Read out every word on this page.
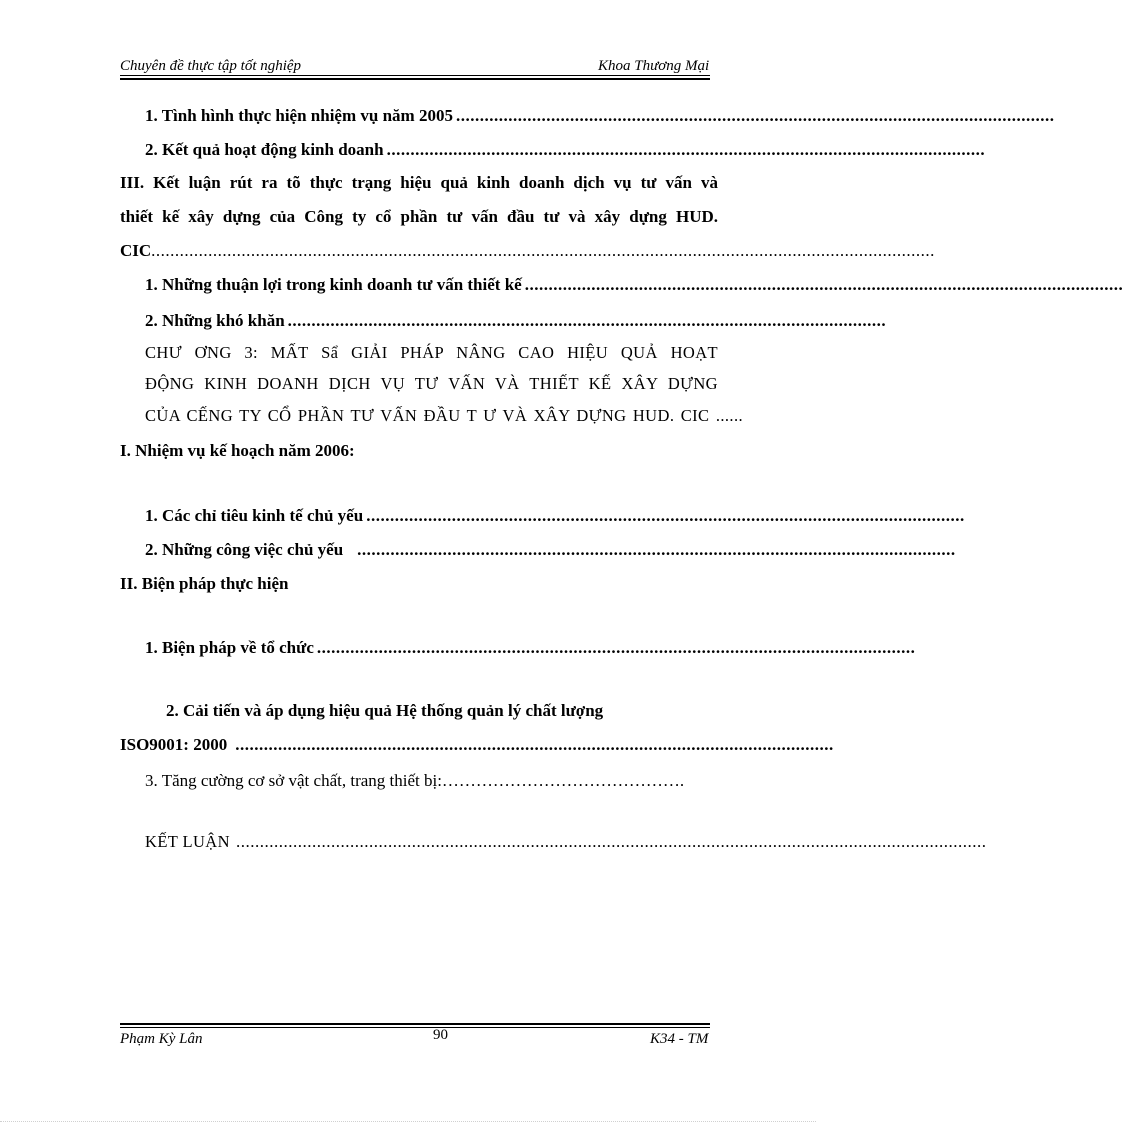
Chuyên đề thực tập tốt nghiệp	Khoa Thương Mại
1. Tình hình thực hiện nhiệm vụ năm 2005 ..............................................................................................................................
2. Kết quả hoạt động kinh doanh ..............................................................................................................................
III. Kết luận rút ra tõ thực trạng hiệu quả kinh doanh dịch vụ tư vấn và
thiết kế xây dựng của Công ty cổ phần tư vấn đầu tư và xây dựng HUD.
CIC .....................................................................................................................................................................
1. Những thuận lợi trong kinh doanh tư vấn thiết kế ..............................................................................................................................
2. Những khó khăn ..............................................................................................................................
CHƯ ƠNG 3: MẤT Sẩ GIẢI PHÁP NÂNG CAO HIỆU QUẢ HOẠT
ĐỘNG KINH DOANH DỊCH VỤ TƯ VẤN VÀ THIẾT KẾ XÂY DỰNG
CỦA CẾNG TY CỔ PHẦN TƯ VẤN ĐẦU T Ư VÀ XÂY DỰNG HUD. CIC ......
I. Nhiệm vụ kế hoạch năm 2006:
1. Các chỉ tiêu kinh tế chủ yếu ..............................................................................................................................
2. Những công việc chủ yếu ..............................................................................................................................
II. Biện pháp thực hiện
1. Biện pháp về tổ chức ..............................................................................................................................
2. Cải tiến và áp dụng hiệu quả Hệ thống quản lý chất lượng
ISO9001: 2000 ..............................................................................................................................
3. Tăng cường cơ sở vật chất, trang thiết bị:…………………………………….
KẾT LUẬN ..............................................................................................................................................................
Phạm Kỳ Lân	90	K34 - TM
